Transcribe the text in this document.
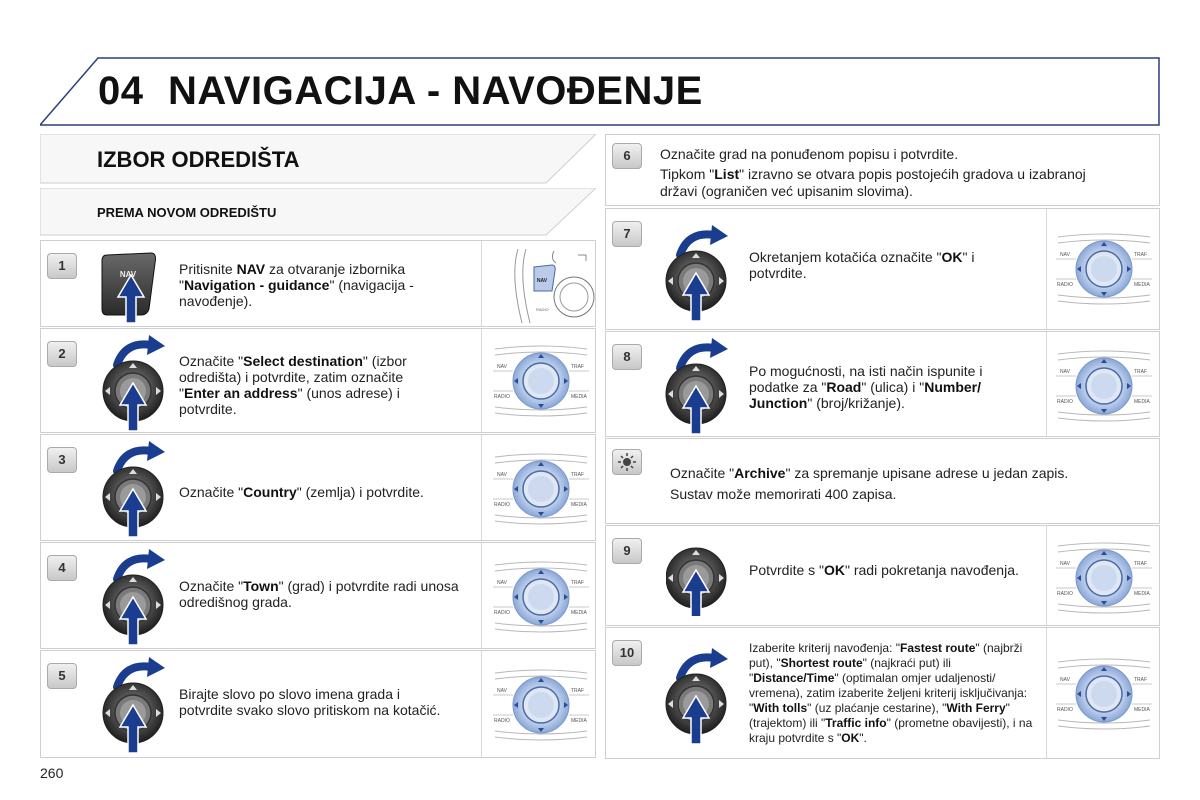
04 NAVIGACIJA - NAVOĐENJE
IZBOR ODREDIŠTA
PREMA NOVOM ODREDIŠTU
1
NAV	Pritisnite NAV za otvaranje izbornika "Navigation - guidance" (navigacija - navođenje).
NAV
RADIO
2	Označite "Select destination" (izbor odredišta) i potvrdite, zatim označite "Enter an address" (unos adrese) i potvrdite.
NAV	TRAF
RADIO	MEDIA
3
Označite "Country" (zemlja) i potvrdite.
NAV	TRAF
RADIO	MEDIA
4
Označite "Town" (grad) i potvrdite radi unosa odredišnog grada.
NAV	TRAF
RADIO	MEDIA
5
Birajte slovo po slovo imena grada i potvrdite svako slovo pritiskom na kotačić.
NAV	TRAF
RADIO	MEDIA
6	Označite grad na ponuđenom popisu i potvrdite.
Tipkom "List" izravno se otvara popis postojećih gradova u izabranoj državi (ograničen već upisanim slovima).
7
Okretanjem kotačića označite "OK" i potvrdite.
NAV	TRAF
RADIO	MEDIA
8
Po mogućnosti, na isti način ispunite i podatke za "Road" (ulica) i "Number/ Junction" (broj/križanje).
NAV	TRAF
RADIO	MEDIA
Označite "Archive" za spremanje upisane adrese u jedan zapis.
Sustav može memorirati 400 zapisa.
9
Potvrdite s "OK" radi pokretanja navođenja.	NAV	TRAF
RADIO	MEDIA
10	Izaberite kriterij navođenja: "Fastest route" (najbrži put), "Shortest route" (najkraći put) ili "Distance/Time" (optimalan omjer udaljenosti/ vremena), zatim izaberite željeni kriterij isključivanja: "With tolls" (uz plaćanje cestarine), "With Ferry" (trajektom) ili "Traffic info" (prometne obavijesti), i na kraju potvrdite s "OK".
NAV	TRAF
RADIO	MEDIA
260
